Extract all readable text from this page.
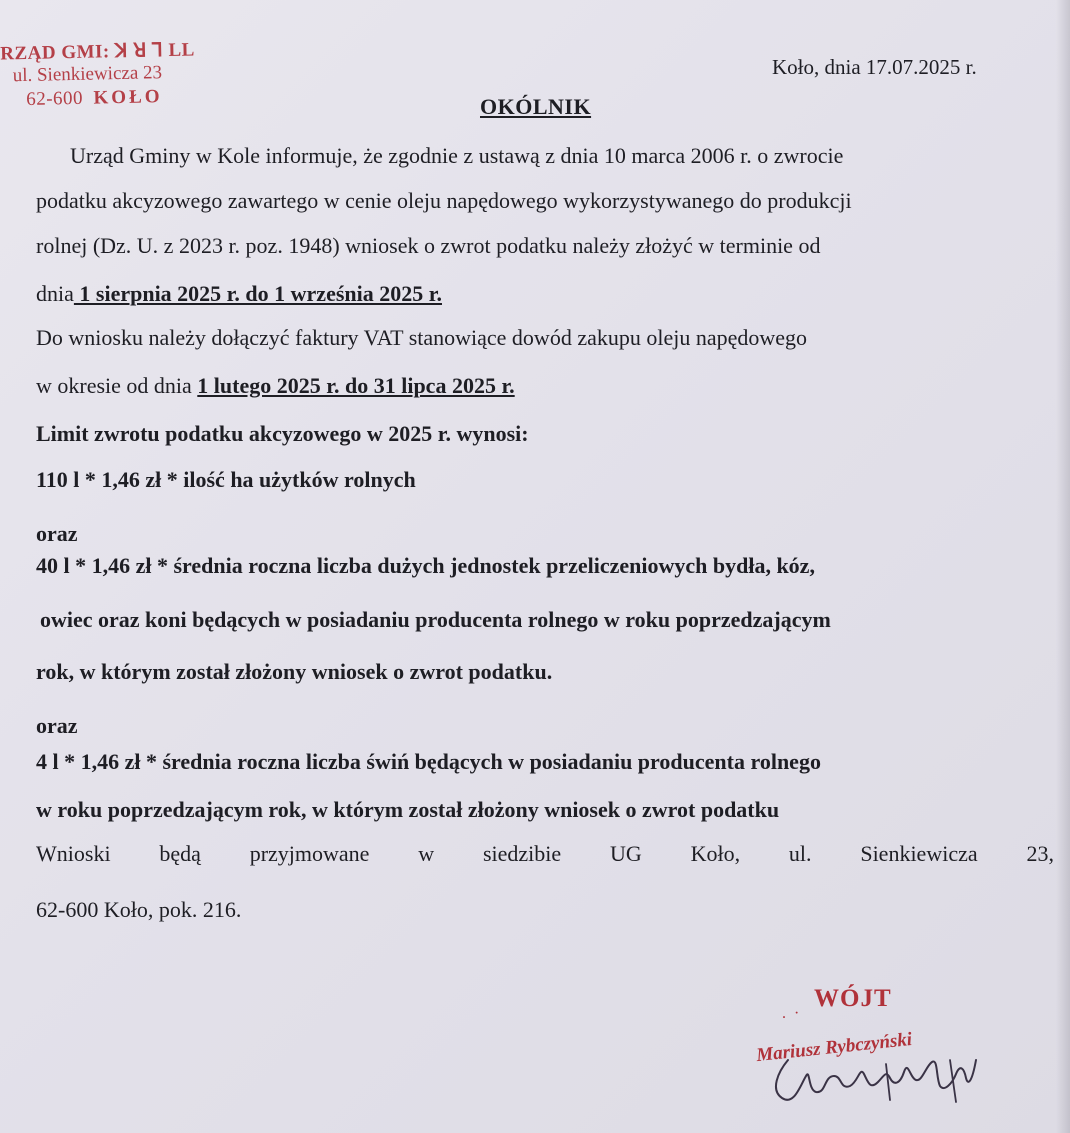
RZĄD GMI: ꓘ ꓤ ꓶ LL
ul. Sienkiewicza 23
62-600 KOŁO
Koło, dnia 17.07.2025 r.
OKÓLNIK
Urząd Gminy w Kole informuje, że zgodnie z ustawą z dnia 10 marca 2006 r. o zwrocie
podatku akcyzowego zawartego w cenie oleju napędowego wykorzystywanego do produkcji
rolnej (Dz. U. z 2023 r. poz. 1948) wniosek o zwrot podatku należy złożyć w terminie od
dnia 1 sierpnia 2025 r. do 1 września 2025 r.
Do wniosku należy dołączyć faktury VAT stanowiące dowód zakupu oleju napędowego
w okresie od dnia 1 lutego 2025 r. do 31 lipca 2025 r.
Limit zwrotu podatku akcyzowego w 2025 r. wynosi:
110 l * 1,46 zł * ilość ha użytków rolnych
oraz
40 l * 1,46 zł * średnia roczna liczba dużych jednostek przeliczeniowych bydła, kóz,
owiec oraz koni będących w posiadaniu producenta rolnego w roku poprzedzającym
rok, w którym został złożony wniosek o zwrot podatku.
oraz
4 l * 1,46 zł * średnia roczna liczba świń będących w posiadaniu producenta rolnego
w roku poprzedzającym rok, w którym został złożony wniosek o zwrot podatku
Wnioski będą przyjmowane w siedzibie UG Koło, ul. Sienkiewicza 23,
62-600 Koło, pok. 216.
. ·
WÓJT
Mariusz Rybczyński
